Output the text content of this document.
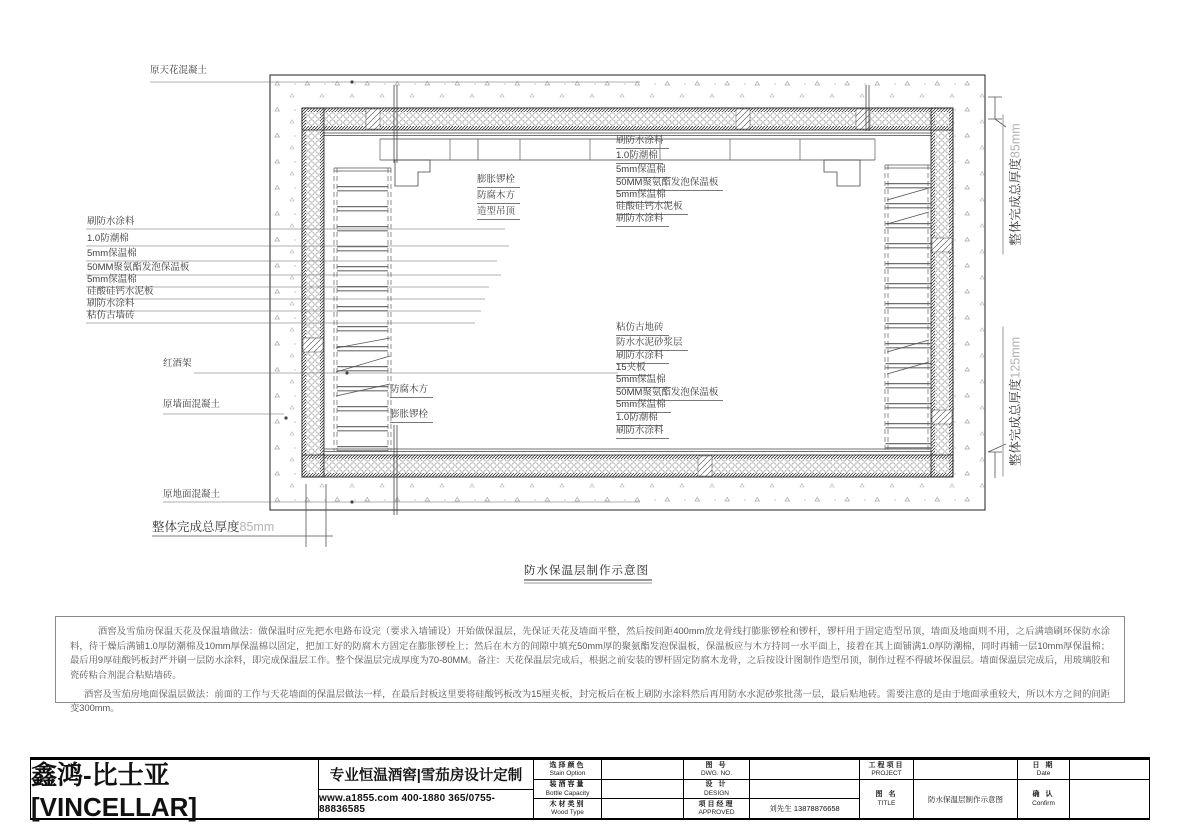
原天花混凝土
刷防水涂料
1.0防潮棉
5mm保温棉
50MM聚氨酯发泡保温板
5mm保温棉
硅酸硅钙水泥板
刷防水涂料
粘仿古墙砖
红酒架
原墙面混凝土
原地面混凝土
膨胀锣栓
防腐木方
造型吊顶
刷防水涂料
1.0防潮棉
5mm保温棉
50MM聚氨酯发泡保温板
5mm保温棉
硅酸硅钙水泥板
刷防水涂料
粘仿古地砖
防水水泥砂浆层
刷防水涂料
15夹板
5mm保温棉
50MM聚氨酯发泡保温板
5mm保温棉
1.0防潮棉
刷防水涂料
防腐木方
膨胀锣栓
整体完成总厚度85mm
整体完成总厚度85mm
整体完成总厚度125mm
防水保温层制作示意图

酒窖及雪茄房保温天花及保温墙做法：做保温时应先把水电路布设完（要求入墙铺设）开始做保温层，先保证天花及墙面平整，然后按间距400mm放龙骨线打膨胀锣栓和锣杆，锣杆用于固定造型吊顶，墙面及地面则不用，之后满墙刷环保防水涂料，待干燥后满铺1.0厚防潮棉及10mm厚保温棉以固定，把加工好的防腐木方固定在膨胀锣栓上；然后在木方的间隙中填充50mm厚的聚氨酯发泡保温板，保温板应与木方持同一水平面上，接着在其上面铺满1.0厚防潮棉，同时再辅一层10mm厚保温棉；最后用9厚硅酸钙板封严并刷一层防水涂料，即完成保温层工作。整个保温层完成厚度为70-80MM。备注：天花保温层完成后，根据之前安装的锣杆固定防腐木龙骨，之后按设计图制作造型吊顶，制作过程不得破坏保温层。墙面保温层完成后，用玻璃胶和瓷砖粘合剂混合粘贴墙砖。

酒窖及雪茄房地面保温层做法：前面的工作与天花墙面的保温层做法一样，在最后封板这里要将硅酸钙板改为15厘夹板，封完板后在板上刷防水涂料然后再用防水水泥砂浆批荡一层，最后贴地砖。需要注意的是由于地面承重较大，所以木方之间的间距变300mm。

鑫鸿-比士亚[VINCELLAR]
专业恒温酒窖|雪茄房设计定制
www.a1855.com 400-1880 365/0755-88836585
选择颜色
Stain Option
装酒容量
Bottle Capacity
木材类别
Wood Type
图 号
DWG. NO.
设 计
DESIGN
项目经理
APPROVED	刘先生 13878876658
工程项目
PROJECT
图 名
TITLE	防水保温层制作示意图
日 期
Date
确 认
Confirm
